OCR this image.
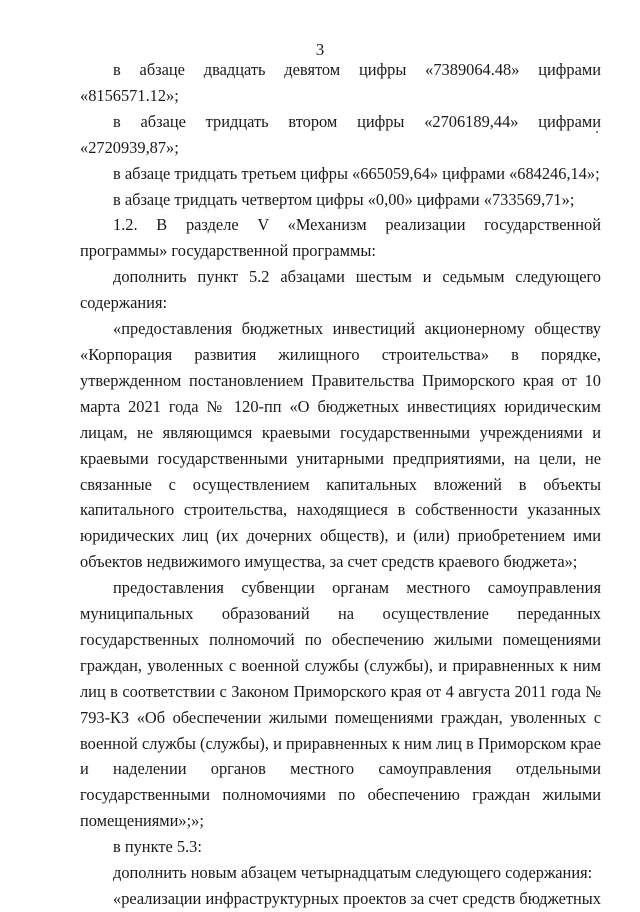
3

в абзаце двадцать девятом цифры «7389064.48» цифрами «8156571.12»;

в абзаце тридцать втором цифры «2706189,44» цифрами «2720939,87»;

в абзаце тридцать третьем цифры «665059,64» цифрами «684246,14»;

в абзаце тридцать четвертом цифры «0,00» цифрами «733569,71»;

1.2. В разделе V «Механизм реализации государственной программы» государственной программы:

дополнить пункт 5.2 абзацами шестым и седьмым следующего содержания:

«предоставления бюджетных инвестиций акционерному обществу «Корпорация развития жилищного строительства» в порядке, утвержденном постановлением Правительства Приморского края от 10 марта 2021 года № 120-пп «О бюджетных инвестициях юридическим лицам, не являющимся краевыми государственными учреждениями и краевыми государственными унитарными предприятиями, на цели, не связанные с осуществлением капитальных вложений в объекты капитального строительства, находящиеся в собственности указанных юридических лиц (их дочерних обществ), и (или) приобретением ими объектов недвижимого имущества, за счет средств краевого бюджета»;

предоставления субвенции органам местного самоуправления муниципальных образований на осуществление переданных государственных полномочий по обеспечению жилыми помещениями граждан, уволенных с военной службы (службы), и приравненных к ним лиц в соответствии с Законом Приморского края от 4 августа 2011 года № 793-КЗ «Об обеспечении жилыми помещениями граждан, уволенных с военной службы (службы), и приравненных к ним лиц в Приморском крае и наделении органов местного самоуправления отдельными государственными полномочиями по обеспечению граждан жилыми помещениями»;»;

в пункте 5.3:

дополнить новым абзацем четырнадцатым следующего содержания:

«реализации инфраструктурных проектов за счет средств бюджетных
